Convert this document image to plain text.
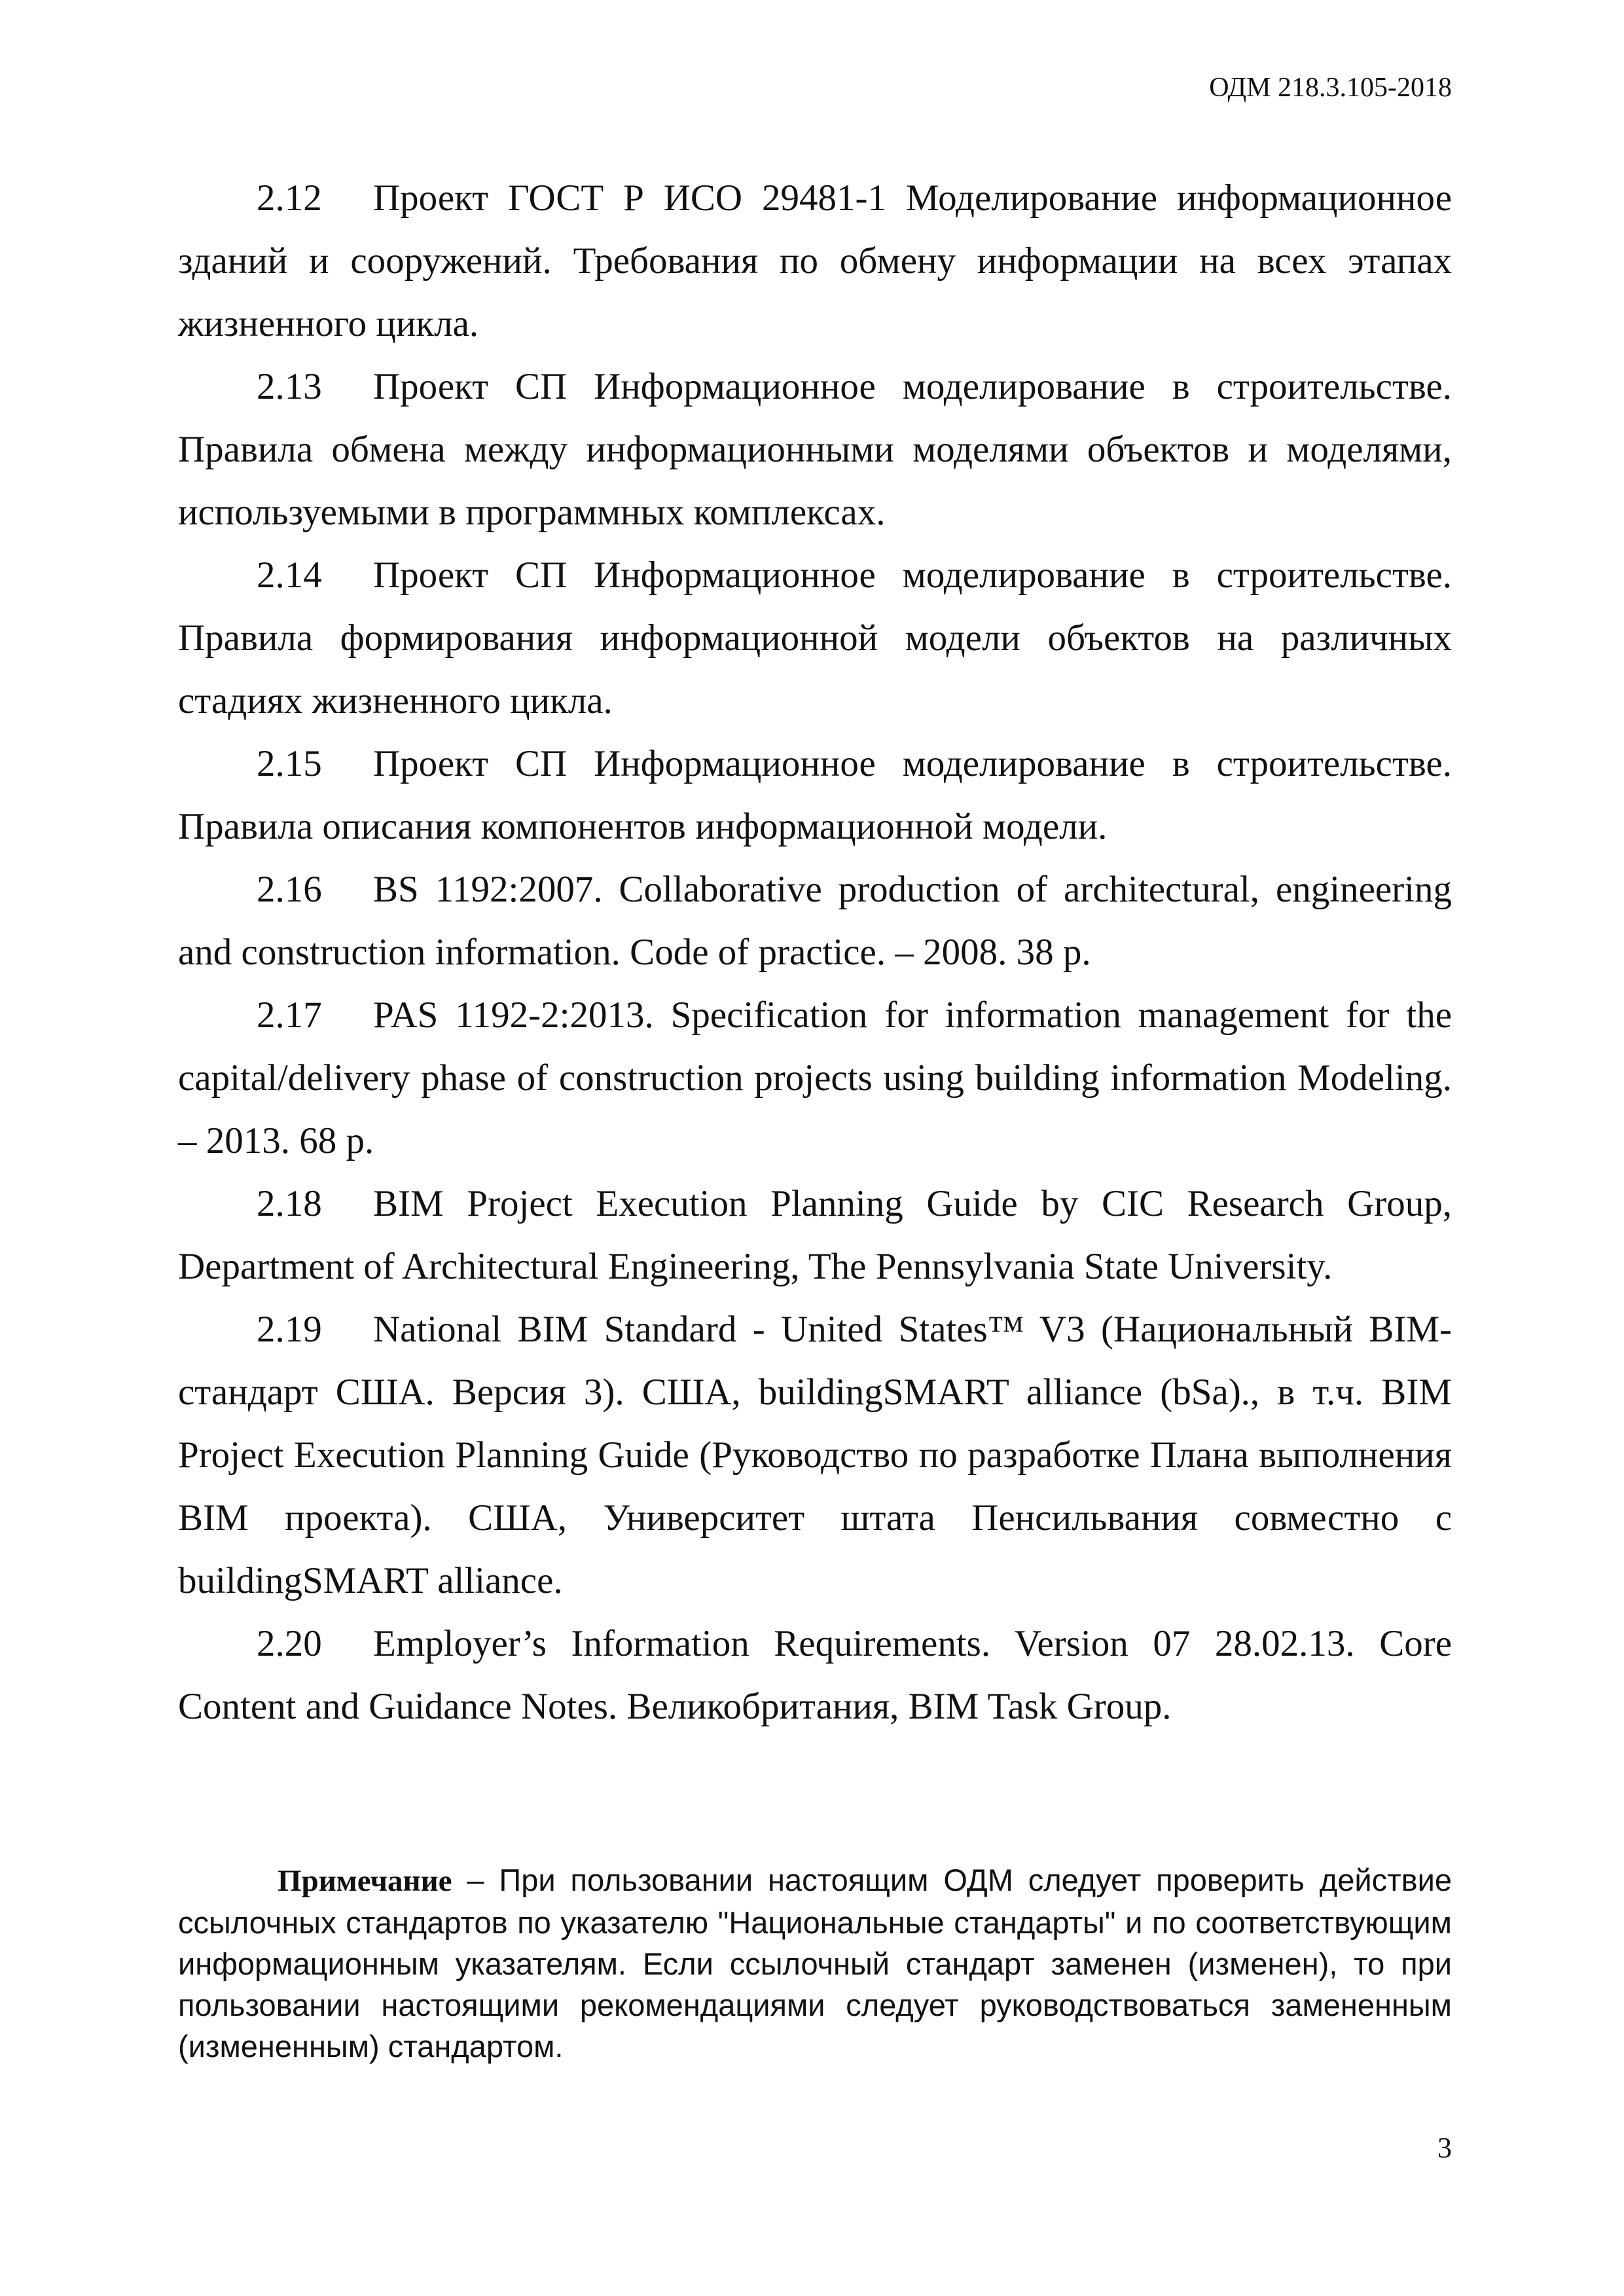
ОДМ 218.3.105-2018

2.12 Проект ГОСТ Р ИСО 29481-1 Моделирование информационное зданий и сооружений. Требования по обмену информации на всех этапах жизненного цикла.

2.13 Проект СП Информационное моделирование в строительстве. Правила обмена между информационными моделями объектов и моделями, используемыми в программных комплексах.

2.14 Проект СП Информационное моделирование в строительстве. Правила формирования информационной модели объектов на различных стадиях жизненного цикла.

2.15 Проект СП Информационное моделирование в строительстве. Правила описания компонентов информационной модели.

2.16 BS 1192:2007. Collaborative production of architectural, engineering and construction information. Code of practice. – 2008. 38 p.

2.17 PAS 1192-2:2013. Specification for information management for the capital/delivery phase of construction projects using building information Modeling. – 2013. 68 p.

2.18 BIM Project Execution Planning Guide by CIC Research Group, Department of Architectural Engineering, The Pennsylvania State University.

2.19 National BIM Standard - United States™ V3 (Национальный BIM-стандарт США. Версия 3). США, buildingSMART alliance (bSa)., в т.ч. BIM Project Execution Planning Guide (Руководство по разработке Плана выполнения BIM проекта). США, Университет штата Пенсильвания совместно с buildingSMART alliance.

2.20 Employer’s Information Requirements. Version 07 28.02.13. Core Content and Guidance Notes. Великобритания, BIM Task Group.

Примечание – При пользовании настоящим ОДМ следует проверить действие ссылочных стандартов по указателю "Национальные стандарты" и по соответствующим информационным указателям. Если ссылочный стандарт заменен (изменен), то при пользовании настоящими рекомендациями следует руководствоваться замененным (измененным) стандартом.
3
